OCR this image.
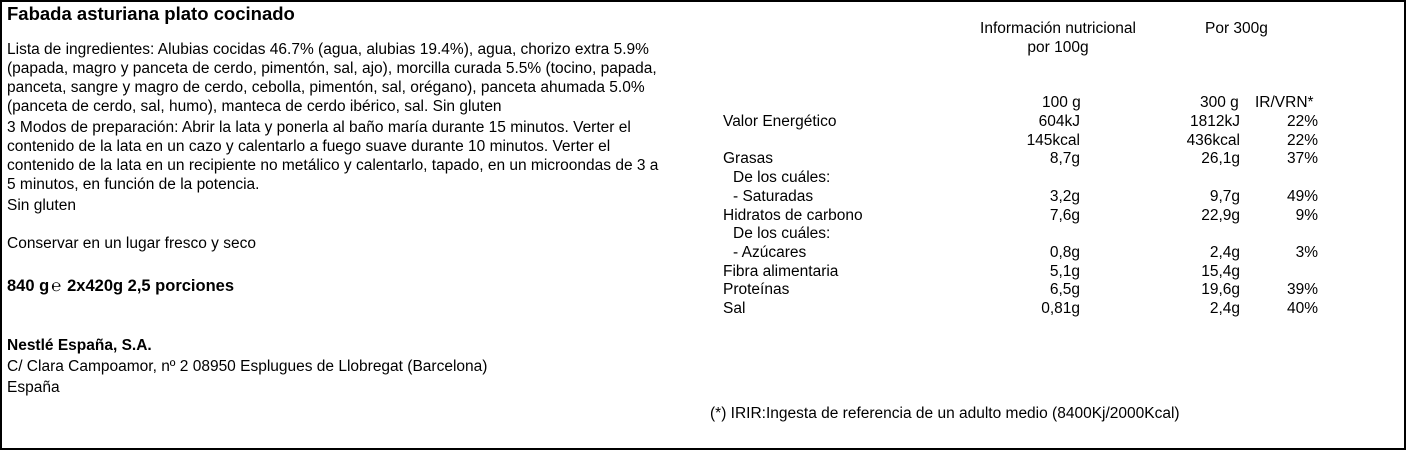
Fabada asturiana plato cocinado
Lista de ingredientes: Alubias cocidas 46.7% (agua, alubias 19.4%), agua, chorizo extra 5.9%
(papada, magro y panceta de cerdo, pimentón, sal, ajo), morcilla curada 5.5% (tocino, papada,
panceta, sangre y magro de cerdo, cebolla, pimentón, sal, orégano), panceta ahumada 5.0%
(panceta de cerdo, sal, humo), manteca de cerdo ibérico, sal. Sin gluten
3 Modos de preparación: Abrir la lata y ponerla al baño maría durante 15 minutos. Verter el
contenido de la lata en un cazo y calentarlo a fuego suave durante 10 minutos. Verter el
contenido de la lata en un recipiente no metálico y calentarlo, tapado, en un microondas de 3 a
5 minutos, en función de la potencia.
Sin gluten
Conservar en un lugar fresco y seco
840 g ℮ 2x420g 2,5 porciones
Nestlé España, S.A.
C/ Clara Campoamor, nº 2 08950 Esplugues de Llobregat (Barcelona)
España
Información nutricional
por 100g
Por 300g
100 g	300 g IR/VRN*
Valor Energético	604kJ	1812kJ	22%
145kcal	436kcal	22%
Grasas	8,7g	26,1g	37%
De los cuáles:
- Saturadas	3,2g	9,7g	49%
Hidratos de carbono	7,6g	22,9g	9%
De los cuáles:
- Azúcares	0,8g	2,4g	3%
Fibra alimentaria	5,1g	15,4g
Proteínas	6,5g	19,6g	39%
Sal	0,81g	2,4g	40%
(*) IRIR:Ingesta de referencia de un adulto medio (8400Kj/2000Kcal)
